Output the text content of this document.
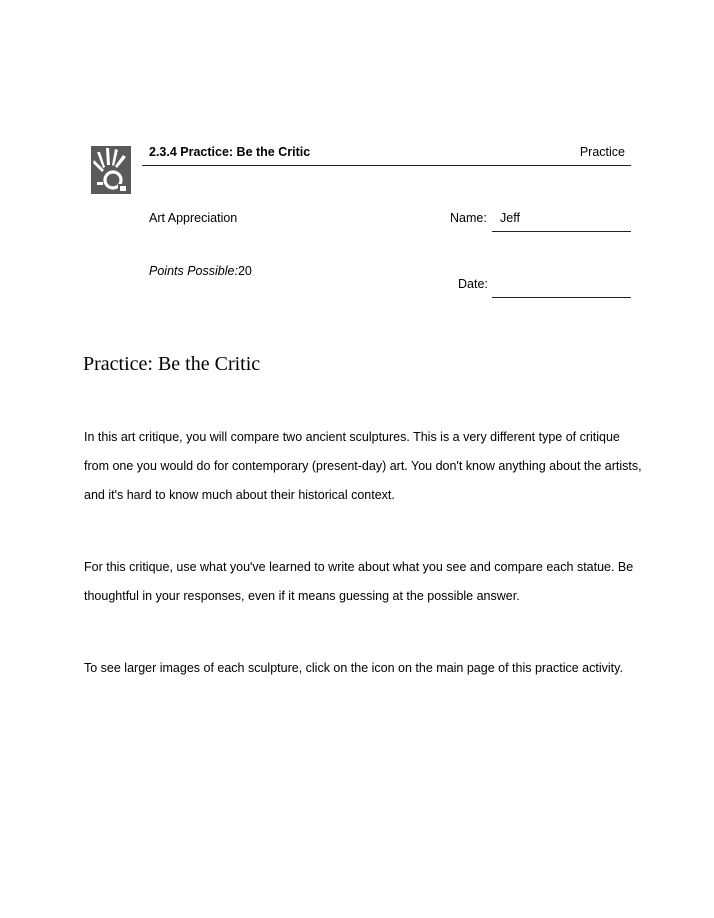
2.3.4 Practice: Be the Critic	Practice
Art Appreciation	Name: Jeff
Points Possible:20
Date:
Practice: Be the Critic

In this art critique, you will compare two ancient sculptures. This is a very different type of critique from one you would do for contemporary (present-day) art. You don't know anything about the artists, and it's hard to know much about their historical context.

For this critique, use what you've learned to write about what you see and compare each statue. Be thoughtful in your responses, even if it means guessing at the possible answer.

To see larger images of each sculpture, click on the icon on the main page of this practice activity.
